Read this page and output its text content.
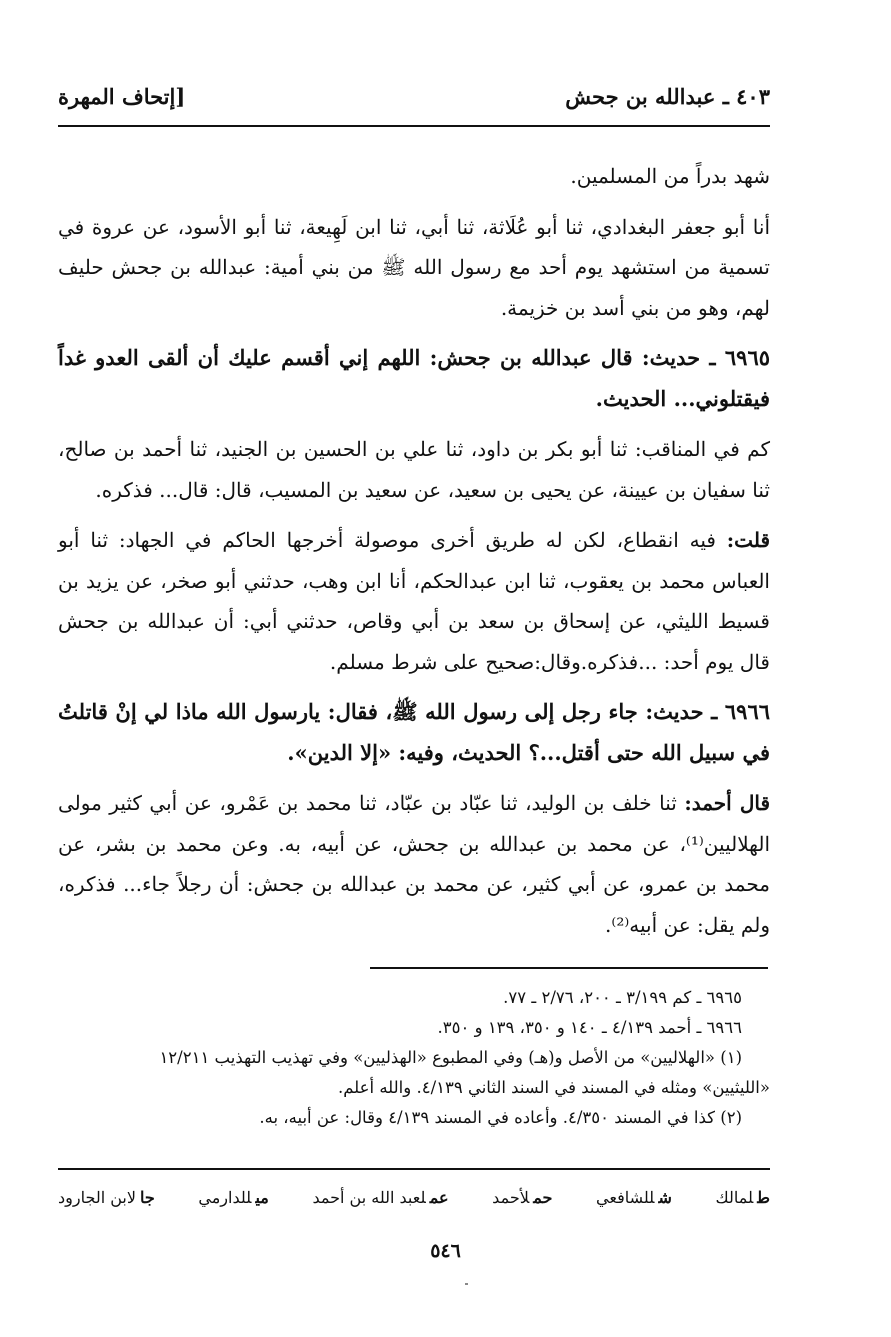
٤٠٣ ـ عبدالله بن جحش
[إتحاف المهرة

شهد بدراً من المسلمين.

أنا أبو جعفر البغدادي، ثنا أبو عُلَاثة، ثنا أبي، ثنا ابن لَهِيعة، ثنا أبو الأسود، عن عروة في تسمية من استشهد يوم أحد مع رسول الله ﷺ من بني أمية: عبدالله بن جحش حليف لهم، وهو من بني أسد بن خزيمة.

٦٩٦٥ ـ حديث: قال عبدالله بن جحش: اللهم إني أقسم عليك أن ألقى العدو غداً فيقتلوني... الحديث.

كم في المناقب: ثنا أبو بكر بن داود، ثنا علي بن الحسين بن الجنيد، ثنا أحمد بن صالح، ثنا سفيان بن عيينة، عن يحيى بن سعيد، عن سعيد بن المسيب، قال: قال... فذكره.

قلت: فيه انقطاع، لكن له طريق أخرى موصولة أخرجها الحاكم في الجهاد: ثنا أبو العباس محمد بن يعقوب، ثنا ابن عبدالحكم، أنا ابن وهب، حدثني أبو صخر، عن يزيد بن قسيط الليثي، عن إسحاق بن سعد بن أبي وقاص، حدثني أبي: أن عبدالله بن جحش قال يوم أحد: ...فذكره.وقال:صحيح على شرط مسلم.

٦٩٦٦ ـ حديث: جاء رجل إلى رسول الله ﷺ، فقال: يارسول الله ماذا لي إنْ قاتلتُ في سبيل الله حتى أقتل...؟ الحديث، وفيه: «إلا الدين».

قال أحمد: ثنا خلف بن الوليد، ثنا عبّاد بن عبّاد، ثنا محمد بن عَمْرو، عن أبي كثير مولى الهلاليين⁽¹⁾، عن محمد بن عبدالله بن جحش، عن أبيه، به. وعن محمد بن بشر، عن محمد بن عمرو، عن أبي كثير، عن محمد بن عبدالله بن جحش: أن رجلاً جاء... فذكره، ولم يقل: عن أبيه⁽²⁾.

٦٩٦٥ ـ كم ٣/١٩٩ ـ ٢٠٠، ٢/٧٦ ـ ٧٧.

٦٩٦٦ ـ أحمد ٤/١٣٩ ـ ١٤٠ و ٣٥٠، ١٣٩ و ٣٥٠.

(١) «الهلاليين» من الأصل و(هـ) وفي المطبوع «الهذليين» وفي تهذيب التهذيب ١٢/٢١١

«الليثيين» ومثله في المسند في السند الثاني ٤/١٣٩. والله أعلم.

(٢) كذا في المسند ٤/٣٥٠. وأعاده في المسند ٤/١٣٩ وقال: عن أبيه، به.

طلمالك
شللشافعي
حملأحمد
عملعبد الله بن أحمد
ميللدارمي
جالابن الجارود
٥٤٦
